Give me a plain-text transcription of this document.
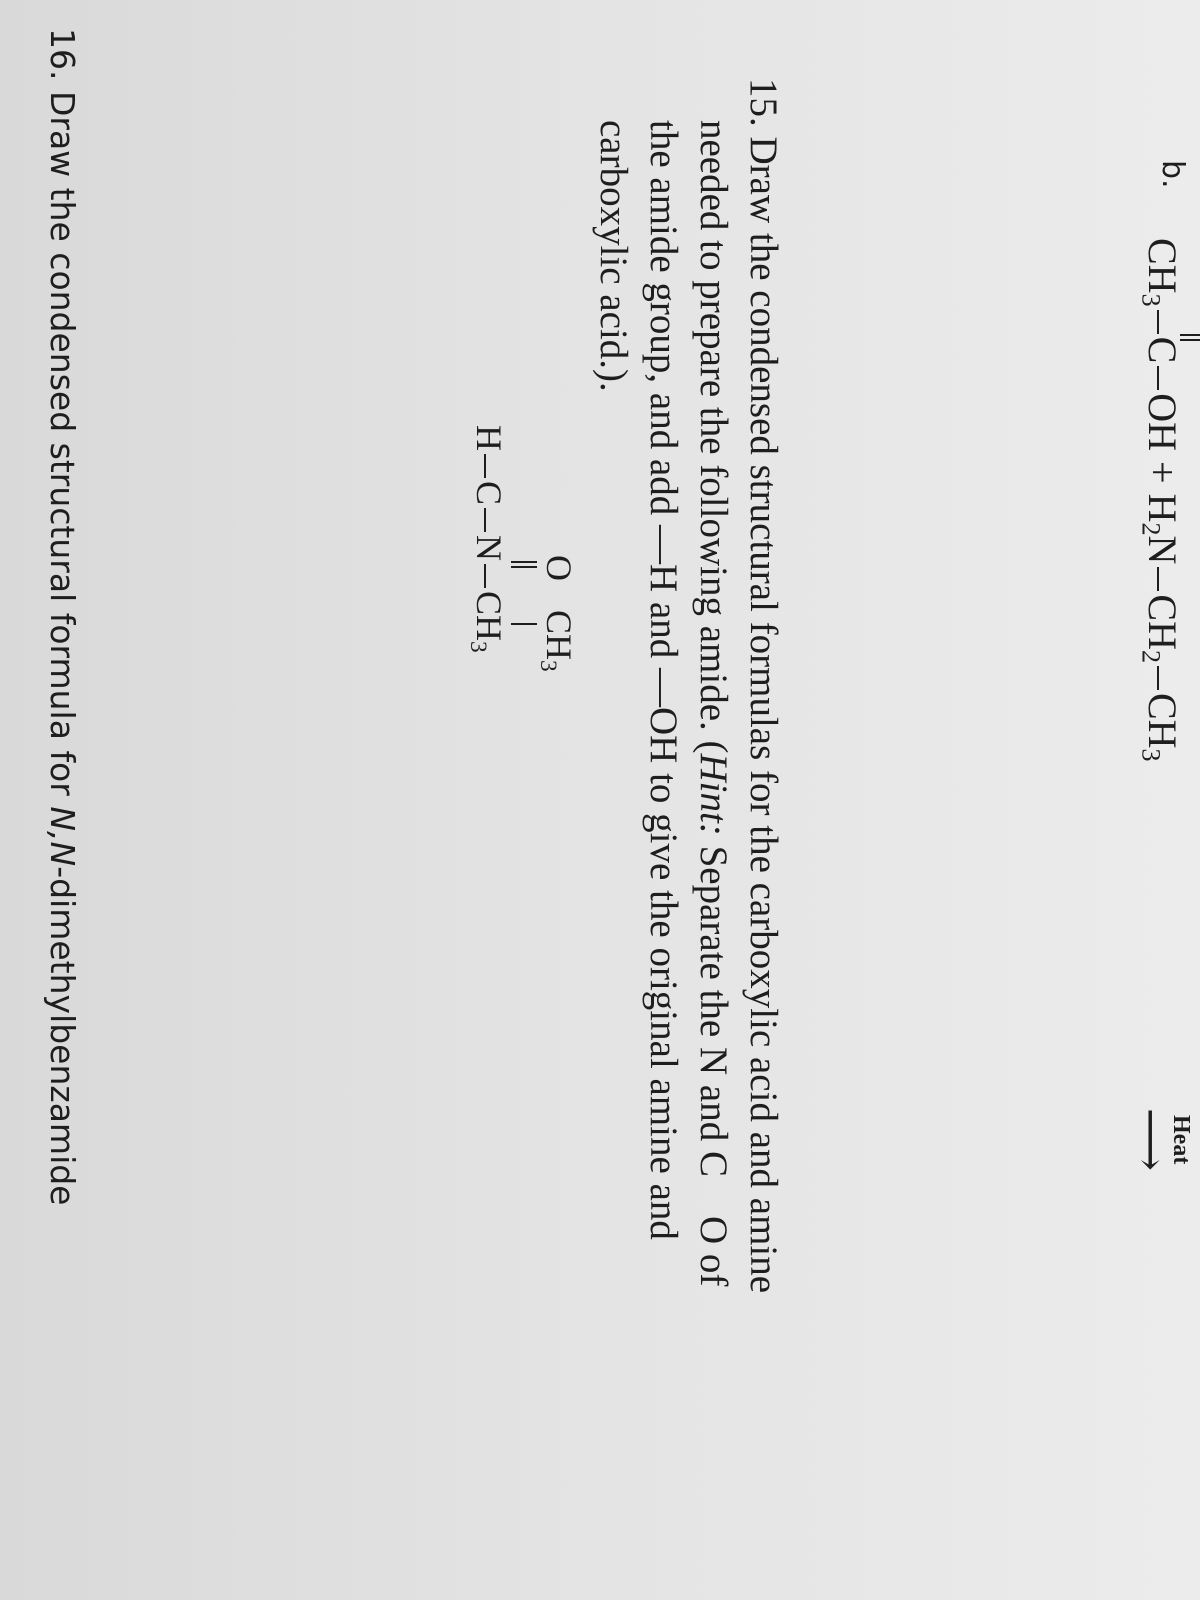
b.
$CH_3COH + H_2NCH_2CH_3$
Heat
⟶
15. Draw the condensed structural formulas for the carboxylic acid and amine
needed to prepare the following amide. (Hint: Separate the N and C    O of
the amide group, and add —H and —OH to give the original amine and
carboxylic acid.).
O
$CH_3$
$HCNCH_3$
16. Draw the condensed structural formula for N,N-dimethylbenzamide
